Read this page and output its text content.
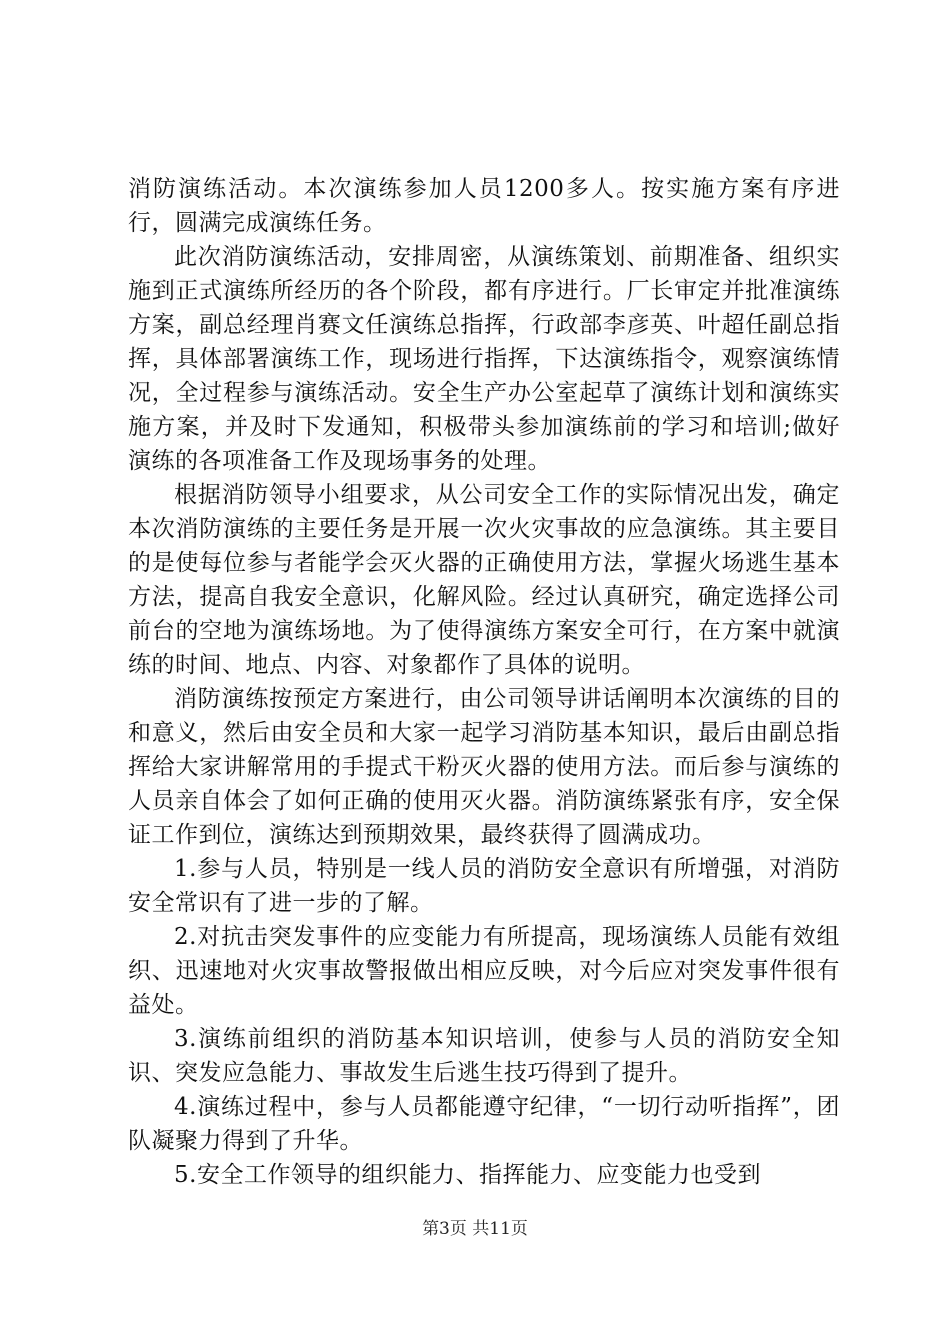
消防演练活动。本次演练参加人员1200多人。按实施方案有序进行，圆满完成演练任务。

此次消防演练活动，安排周密，从演练策划、前期准备、组织实施到正式演练所经历的各个阶段，都有序进行。厂长审定并批准演练方案，副总经理肖赛文任演练总指挥，行政部李彦英、叶超任副总指挥，具体部署演练工作，现场进行指挥，下达演练指令，观察演练情况，全过程参与演练活动。安全生产办公室起草了演练计划和演练实施方案，并及时下发通知，积极带头参加演练前的学习和培训;做好演练的各项准备工作及现场事务的处理。

根据消防领导小组要求，从公司安全工作的实际情况出发，确定本次消防演练的主要任务是开展一次火灾事故的应急演练。其主要目的是使每位参与者能学会灭火器的正确使用方法，掌握火场逃生基本方法，提高自我安全意识，化解风险。经过认真研究，确定选择公司前台的空地为演练场地。为了使得演练方案安全可行，在方案中就演练的时间、地点、内容、对象都作了具体的说明。

消防演练按预定方案进行，由公司领导讲话阐明本次演练的目的和意义，然后由安全员和大家一起学习消防基本知识，最后由副总指挥给大家讲解常用的手提式干粉灭火器的使用方法。而后参与演练的人员亲自体会了如何正确的使用灭火器。消防演练紧张有序，安全保证工作到位，演练达到预期效果，最终获得了圆满成功。

1.参与人员，特别是一线人员的消防安全意识有所增强，对消防安全常识有了进一步的了解。

2.对抗击突发事件的应变能力有所提高，现场演练人员能有效组织、迅速地对火灾事故警报做出相应反映，对今后应对突发事件很有益处。

3.演练前组织的消防基本知识培训，使参与人员的消防安全知识、突发应急能力、事故发生后逃生技巧得到了提升。

4.演练过程中，参与人员都能遵守纪律，“一切行动听指挥”，团队凝聚力得到了升华。

5.安全工作领导的组织能力、指挥能力、应变能力也受到

第3页 共11页
